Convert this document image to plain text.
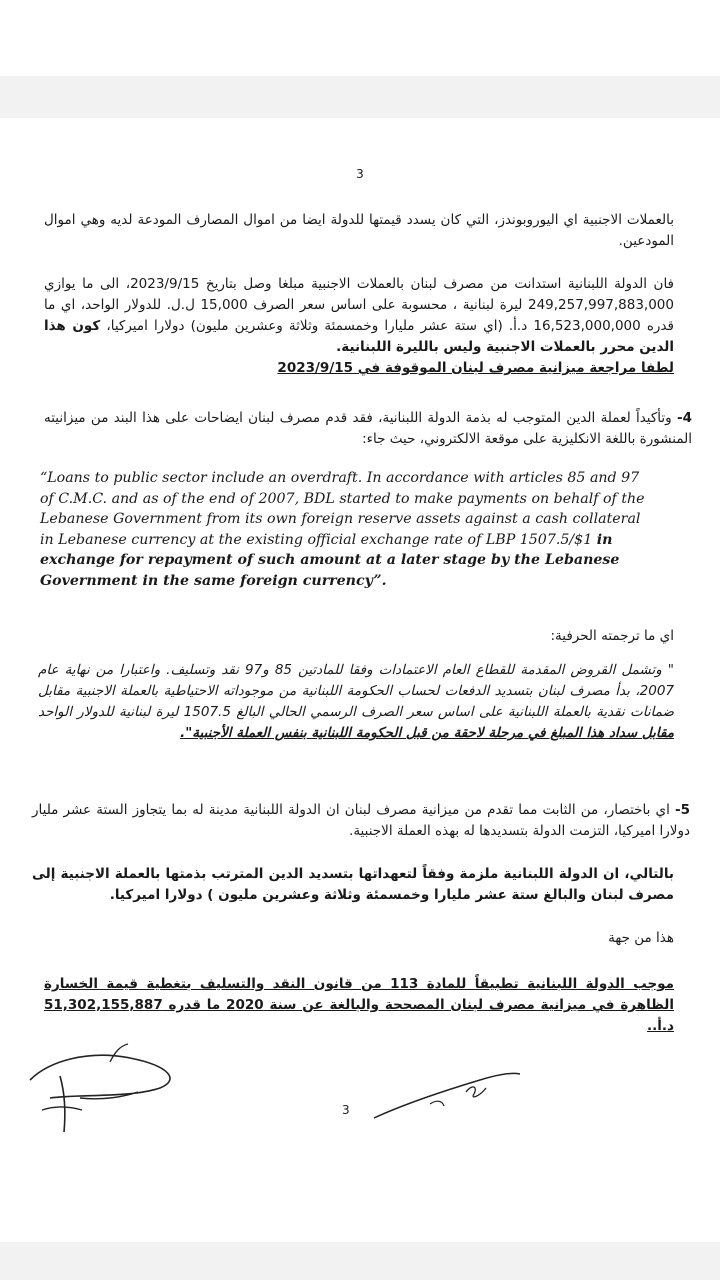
3
بالعملات الاجنبية اي اليوروبوندز، التي كان يسدد قيمتها للدولة ايضا من اموال المصارف المودعة لديه وهي اموال المودعين.
فان الدولة اللبنانية استدانت من مصرف لبنان بالعملات الاجنبية مبلغا وصل بتاريخ 2023/9/15، الى ما يوازي 249,257,997,883,000 ليرة لبنانية ، محسوبة على اساس سعر الصرف 15,000 ل.ل. للدولار الواحد، اي ما قدره 16,523,000,000 د.أ. (اي ستة عشر مليارا وخمسمئة وثلاثة وعشرين مليون) دولارا اميركيا، كون هذا الدين محرر بالعملات الاجنبية وليس بالليرة اللبنانية.
لطفا مراجعة ميزانية مصرف لبنان الموقوفة في 2023/9/15
4- وتأكيداً لعملة الدين المتوجب له بذمة الدولة اللبنانية، فقد قدم مصرف لبنان ايضاحات على هذا البند من ميزانيته المنشورة باللغة الانكليزية على موقعة الالكتروني، حيث جاء:
“Loans to public sector include an overdraft. In accordance with articles 85 and 97 of C.M.C. and as of the end of 2007, BDL started to make payments on behalf of the Lebanese Government from its own foreign reserve assets against a cash collateral in Lebanese currency at the existing official exchange rate of LBP 1507.5/$1 in exchange for repayment of such amount at a later stage by the Lebanese Government in the same foreign currency”.
اي ما ترجمته الحرفية:
" وتشمل القروض المقدمة للقطاع العام الاعتمادات وفقا للمادتين 85 و97 نقد وتسليف. واعتبارا من نهاية عام 2007، بدأ مصرف لبنان بتسديد الدفعات لحساب الحكومة اللبنانية من موجوداته الاحتياطية بالعملة الاجنبية مقابل ضمانات نقدية بالعملة اللبنانية على اساس سعر الصرف الرسمي الحالي البالغ 1507.5 ليرة لبنانية للدولار الواحد مقابل سداد هذا المبلغ في مرحلة لاحقة من قبل الحكومة اللبنانية بنفس العملة الأجنبية".
5- اي باختصار، من الثابت مما تقدم من ميزانية مصرف لبنان ان الدولة اللبنانية مدينة له بما يتجاوز الستة عشر مليار دولارا اميركيا، التزمت الدولة بتسديدها له بهذه العملة الاجنبية.
بالتالي، ان الدولة اللبنانية ملزمة وفقاً لتعهداتها بتسديد الدين المترتب بذمتها بالعملة الاجنبية إلى مصرف لبنان والبالغ ستة عشر مليارا وخمسمئة وثلاثة وعشرين مليون ) دولارا اميركيا.
هذا من جهة
موجب الدولة اللبنانية تطبيقاً للمادة 113 من قانون النقد والتسليف بتغطية قيمة الخسارة الظاهرة في ميزانية مصرف لبنان المصححة والبالغة عن سنة 2020 ما قدره 51,302,155,887 د.أ..
3
